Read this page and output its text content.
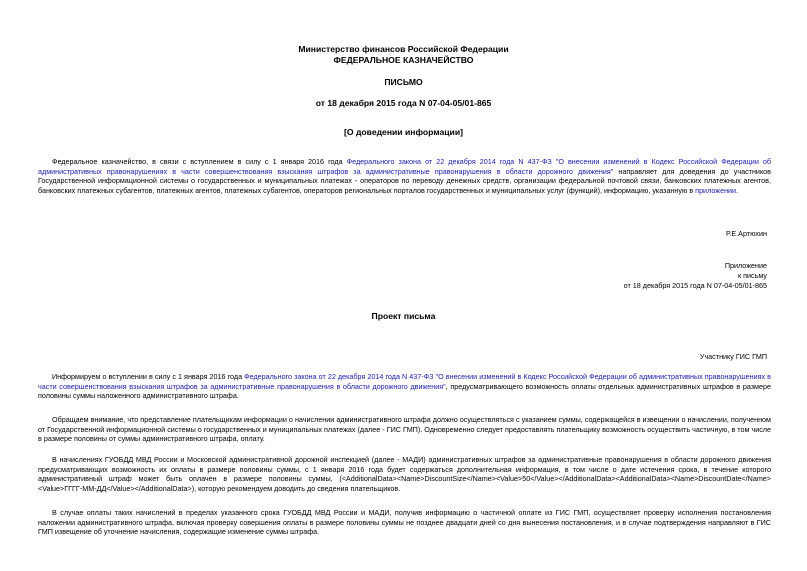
Министерство финансов Российской Федерации
ФЕДЕРАЛЬНОЕ КАЗНАЧЕЙСТВО
ПИСЬМО
от 18 декабря 2015 года N 07-04-05/01-865
[О доведении информации]
Федеральное казначейство, в связи с вступлением в силу с 1 января 2016 года Федерального закона от 22 декабря 2014 года N 437-ФЗ "О внесении изменений в Кодекс Российской Федерации об административных правонарушениях в части совершенствования взыскания штрафов за административные правонарушения в области дорожного движения" направляет для доведения до участников Государственной информационной системы о государственных и муниципальных платежах - операторов по переводу денежных средств, организации федеральной почтовой связи, банковских платежных агентов, банковских платежных субагентов, платежных агентов, платежных субагентов, операторов региональных порталов государственных и муниципальных услуг (функций), информацию, указанную в приложении.
Р.Е.Артюхин
Приложение
к письму
от 18 декабря 2015 года N 07-04-05/01-865
Проект письма
Участнику ГИС ГМП
Информируем о вступлении в силу с 1 января 2016 года Федерального закона от 22 декабря 2014 года N 437-ФЗ "О внесении изменений в Кодекс Российской Федерации об административных правонарушениях в части совершенствования взыскания штрафов за административные правонарушения в области дорожного движения", предусматривающего возможность оплаты отдельных административных штрафов в размере половины суммы наложенного административного штрафа.
Обращаем внимание, что представление плательщикам информации о начислении административного штрафа должно осуществляться с указанием суммы, содержащейся в извещении о начислении, полученном от Государственной информационной системы о государственных и муниципальных платежах (далее - ГИС ГМП). Одновременно следует предоставлять плательщику возможность осуществить частичную, в том числе в размере половины от суммы административного штрафа, оплату.
В начислениях ГУОБДД МВД России и Московской административной дорожной инспекцией (далее - МАДИ) административных штрафов за административные правонарушения в области дорожного движения предусматривающих возможность их оплаты в размере половины суммы, с 1 января 2016 года будет содержаться дополнительная информация, в том числе о дате истечения срока, в течение которого административный штраф может быть оплачен в размере половины суммы, (<AdditionalData><Name>DiscountSize</Name><Value>50</Value></AdditionalData><AdditionalData><Name>DiscountDate</Name><Value>ГГГГ-ММ-ДД</Value></AdditionalData>), которую рекомендуем доводить до сведения плательщиков.
В случае оплаты таких начислений в пределах указанного срока ГУОБДД МВД России и МАДИ, получив информацию о частичной оплате из ГИС ГМП, осуществляет проверку исполнения постановления наложении административного штрафа, включая проверку совершения оплаты в размере половины суммы не позднее двадцати дней со дня вынесения постановления, и в случае подтверждения направляют в ГИС ГМП извещение об уточнение начисления, содержащие изменение суммы штрафа.
